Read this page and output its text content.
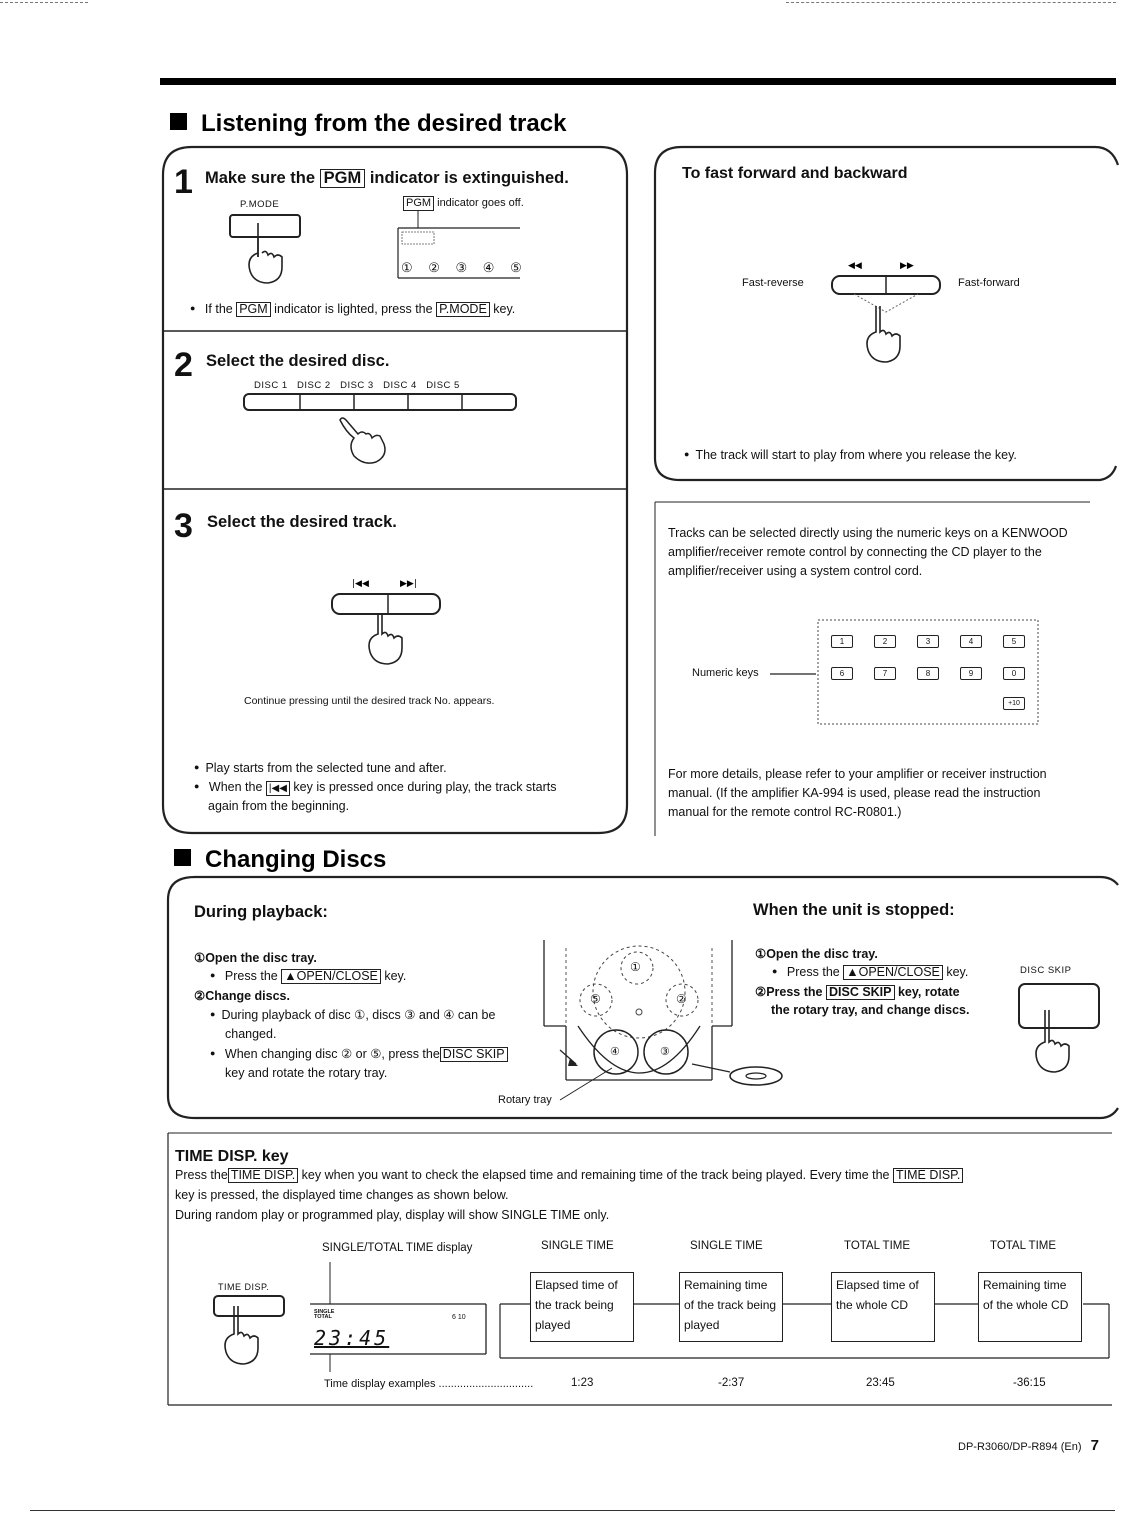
Listening from the desired track
1 Make sure the PGM indicator is extinguished.
P.MODE	PGM indicator goes off.
① ② ③ ④ ⑤
● If the PGM indicator is lighted, press the P.MODE key.
2 Select the desired disc.
DISC 1 DISC 2 DISC 3 DISC 4 DISC 5
3 Select the desired track.
|◀◀	▶▶|
Continue pressing until the desired track No. appears.
● Play starts from the selected tune and after.
● When the |◀◀ key is pressed once during play, the track starts
again from the beginning.
To fast forward and backward
Fast-reverse	Fast-forward
◀◀	▶▶
● The track will start to play from where you release the key.
Tracks can be selected directly using the numeric keys on a KENWOOD
amplifier/receiver remote control by connecting the CD player to the
amplifier/receiver using a system control cord.
Numeric keys
1	2	3	4	5
6	7	8	9	0
+10
For more details, please refer to your amplifier or receiver instruction
manual. (If the amplifier KA-994 is used, please read the instruction
manual for the remote control RC-R0801.)
Changing Discs
During playback:
①Open the disc tray.
● Press the ▲OPEN/CLOSE key.
②Change discs.
● During playback of disc ①, discs ③ and ④ can be
changed.
● When changing disc ② or ⑤, press the DISC SKIP
key and rotate the rotary tray.
Rotary tray
①
②
③
④
⑤
When the unit is stopped:
①Open the disc tray.
● Press the ▲OPEN/CLOSE key.
②Press the DISC SKIP key, rotate
the rotary tray, and change discs.
DISC SKIP
TIME DISP. key
Press the TIME DISP. key when you want to check the elapsed time and remaining time of the track being played. Every time the TIME DISP.
key is pressed, the displayed time changes as shown below.
During random play or programmed play, display will show SINGLE TIME only.
SINGLE/TOTAL TIME display	SINGLE TIME	SINGLE TIME	TOTAL TIME	TOTAL TIME
TIME DISP.
SINGLE
TOTAL	6 10
23:45
Elapsed time of
the track being
played
Remaining time
of the track being
played
Elapsed time of
the whole CD
Remaining time
of the whole CD
Time display examples ...............................	1:23	-2:37	23:45	-36:15
DP-R3060/DP-R894 (En) 7
